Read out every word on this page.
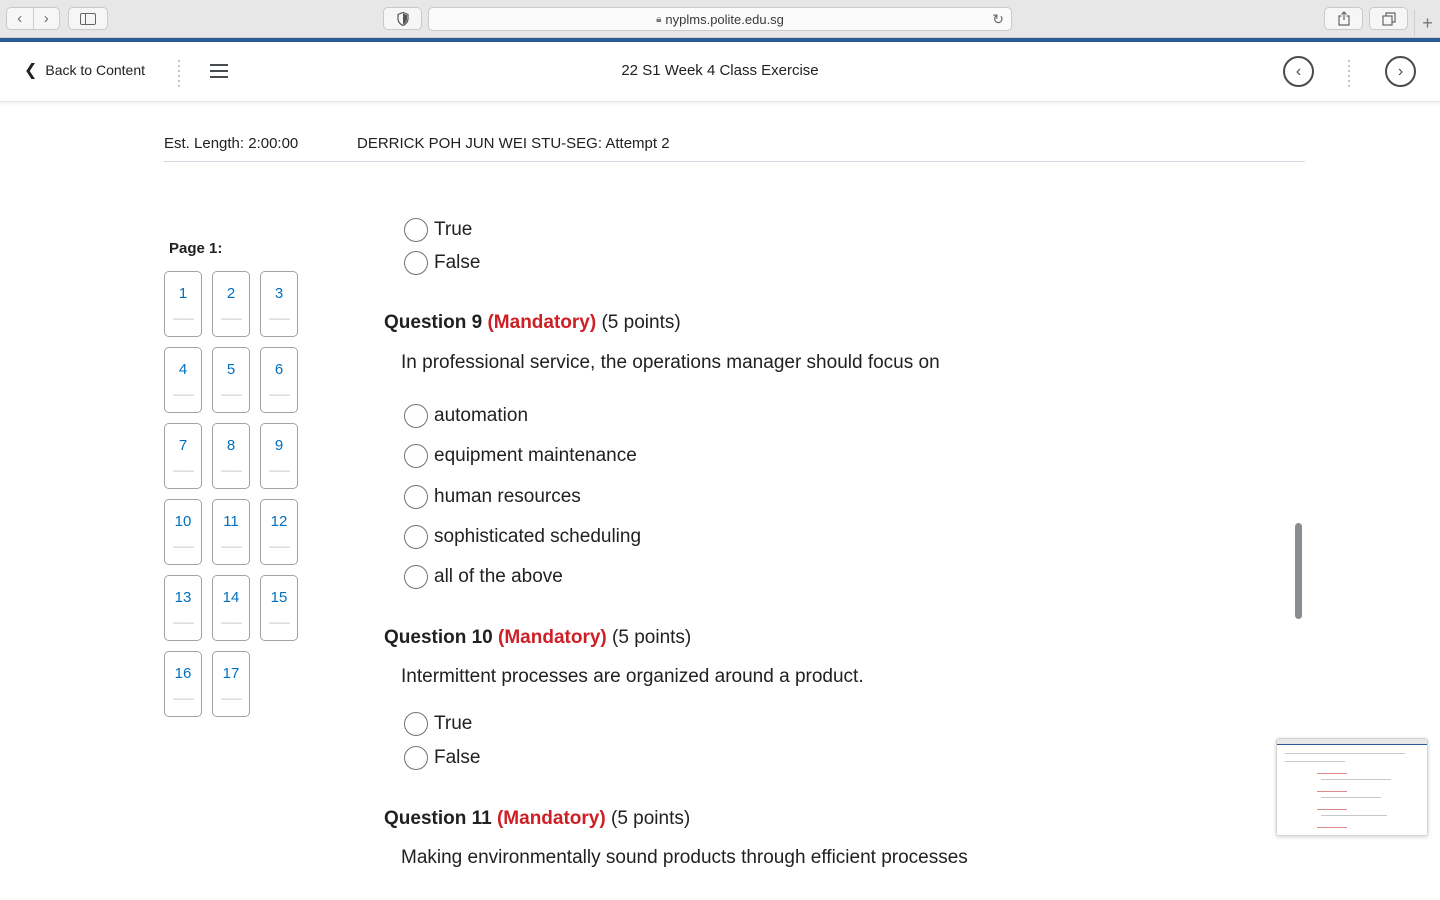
‹	›	🔒︎ nyplms.polite.edu.sg	↻	+
❮ Back to Content	22 S1 Week 4 Class Exercise	‹	›
Est. Length: 2:00:00	DERRICK POH JUN WEI STU-SEG: Attempt 2
Page 1:
1
——
2
——
3
——
4
——
5
——
6
——
7
——
8
——
9
——
10
——
11
——
12
——
13
——
14
——
15
——
16
——
17
——
True
False
Question 9 (Mandatory) (5 points)
In professional service, the operations manager should focus on
automation
equipment maintenance
human resources
sophisticated scheduling
all of the above
Question 10 (Mandatory) (5 points)
Intermittent processes are organized around a product.
True
False
Question 11 (Mandatory) (5 points)
Making environmentally sound products through efficient processes
